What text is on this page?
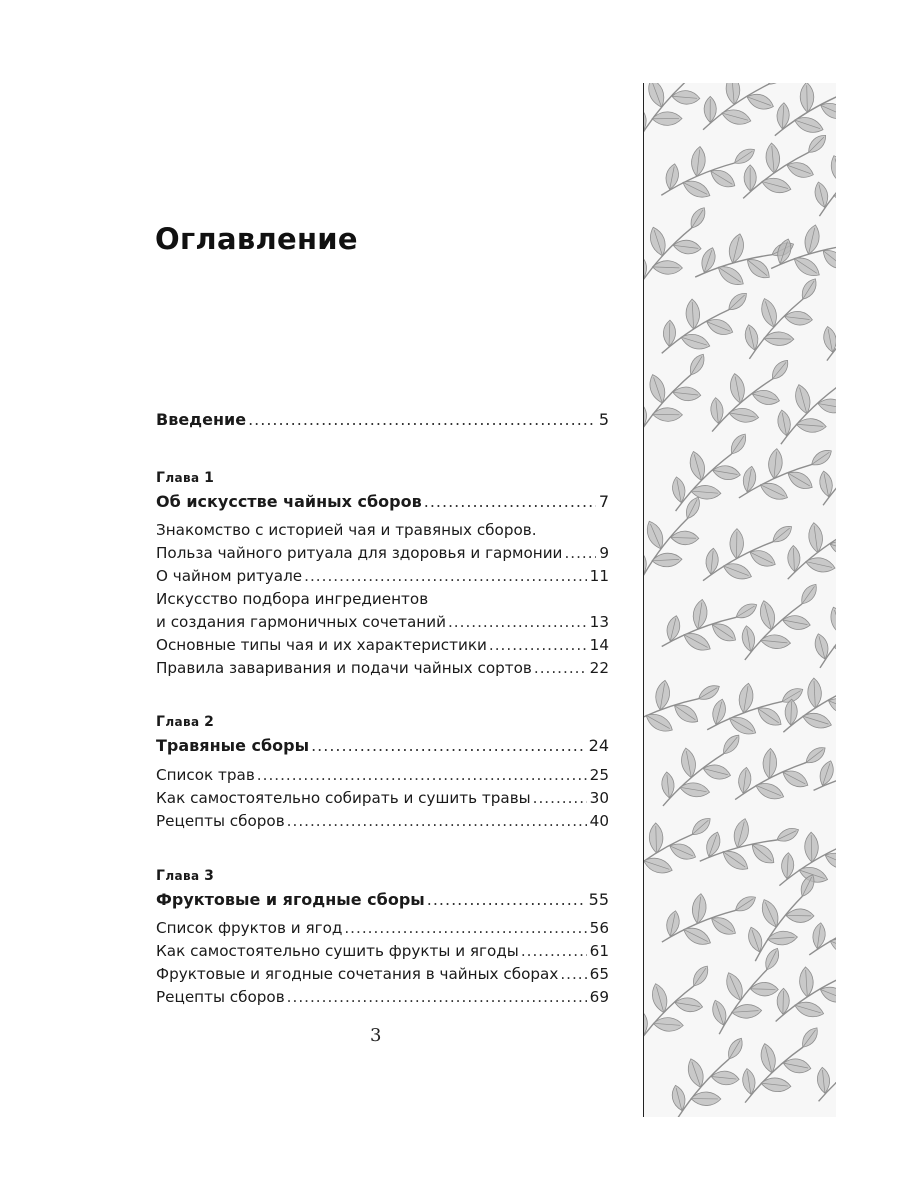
Оглавление
Введение .....	5
Глава 1
Об искусстве чайных сборов .....	7
Знакомство с историей чая и травяных сборов.
Польза чайного ритуала для здоровья и гармонии ..... 9
О чайном ритуале .....	11
Искусство подбора ингредиентов
и создания гармоничных сочетаний .....	13
Основные типы чая и их характеристики .....	14
Правила заваривания и подачи чайных сортов .....	22
Глава 2
Травяные сборы .....	24
Список трав .....	25
Как самостоятельно собирать и сушить травы .....	30
Рецепты сборов .....	40
Глава 3
Фруктовые и ягодные сборы .....	55
Список фруктов и ягод .....	56
Как самостоятельно сушить фрукты и ягоды .....	61
Фруктовые и ягодные сочетания в чайных сборах ..... 65
Рецепты сборов .....	69
3
